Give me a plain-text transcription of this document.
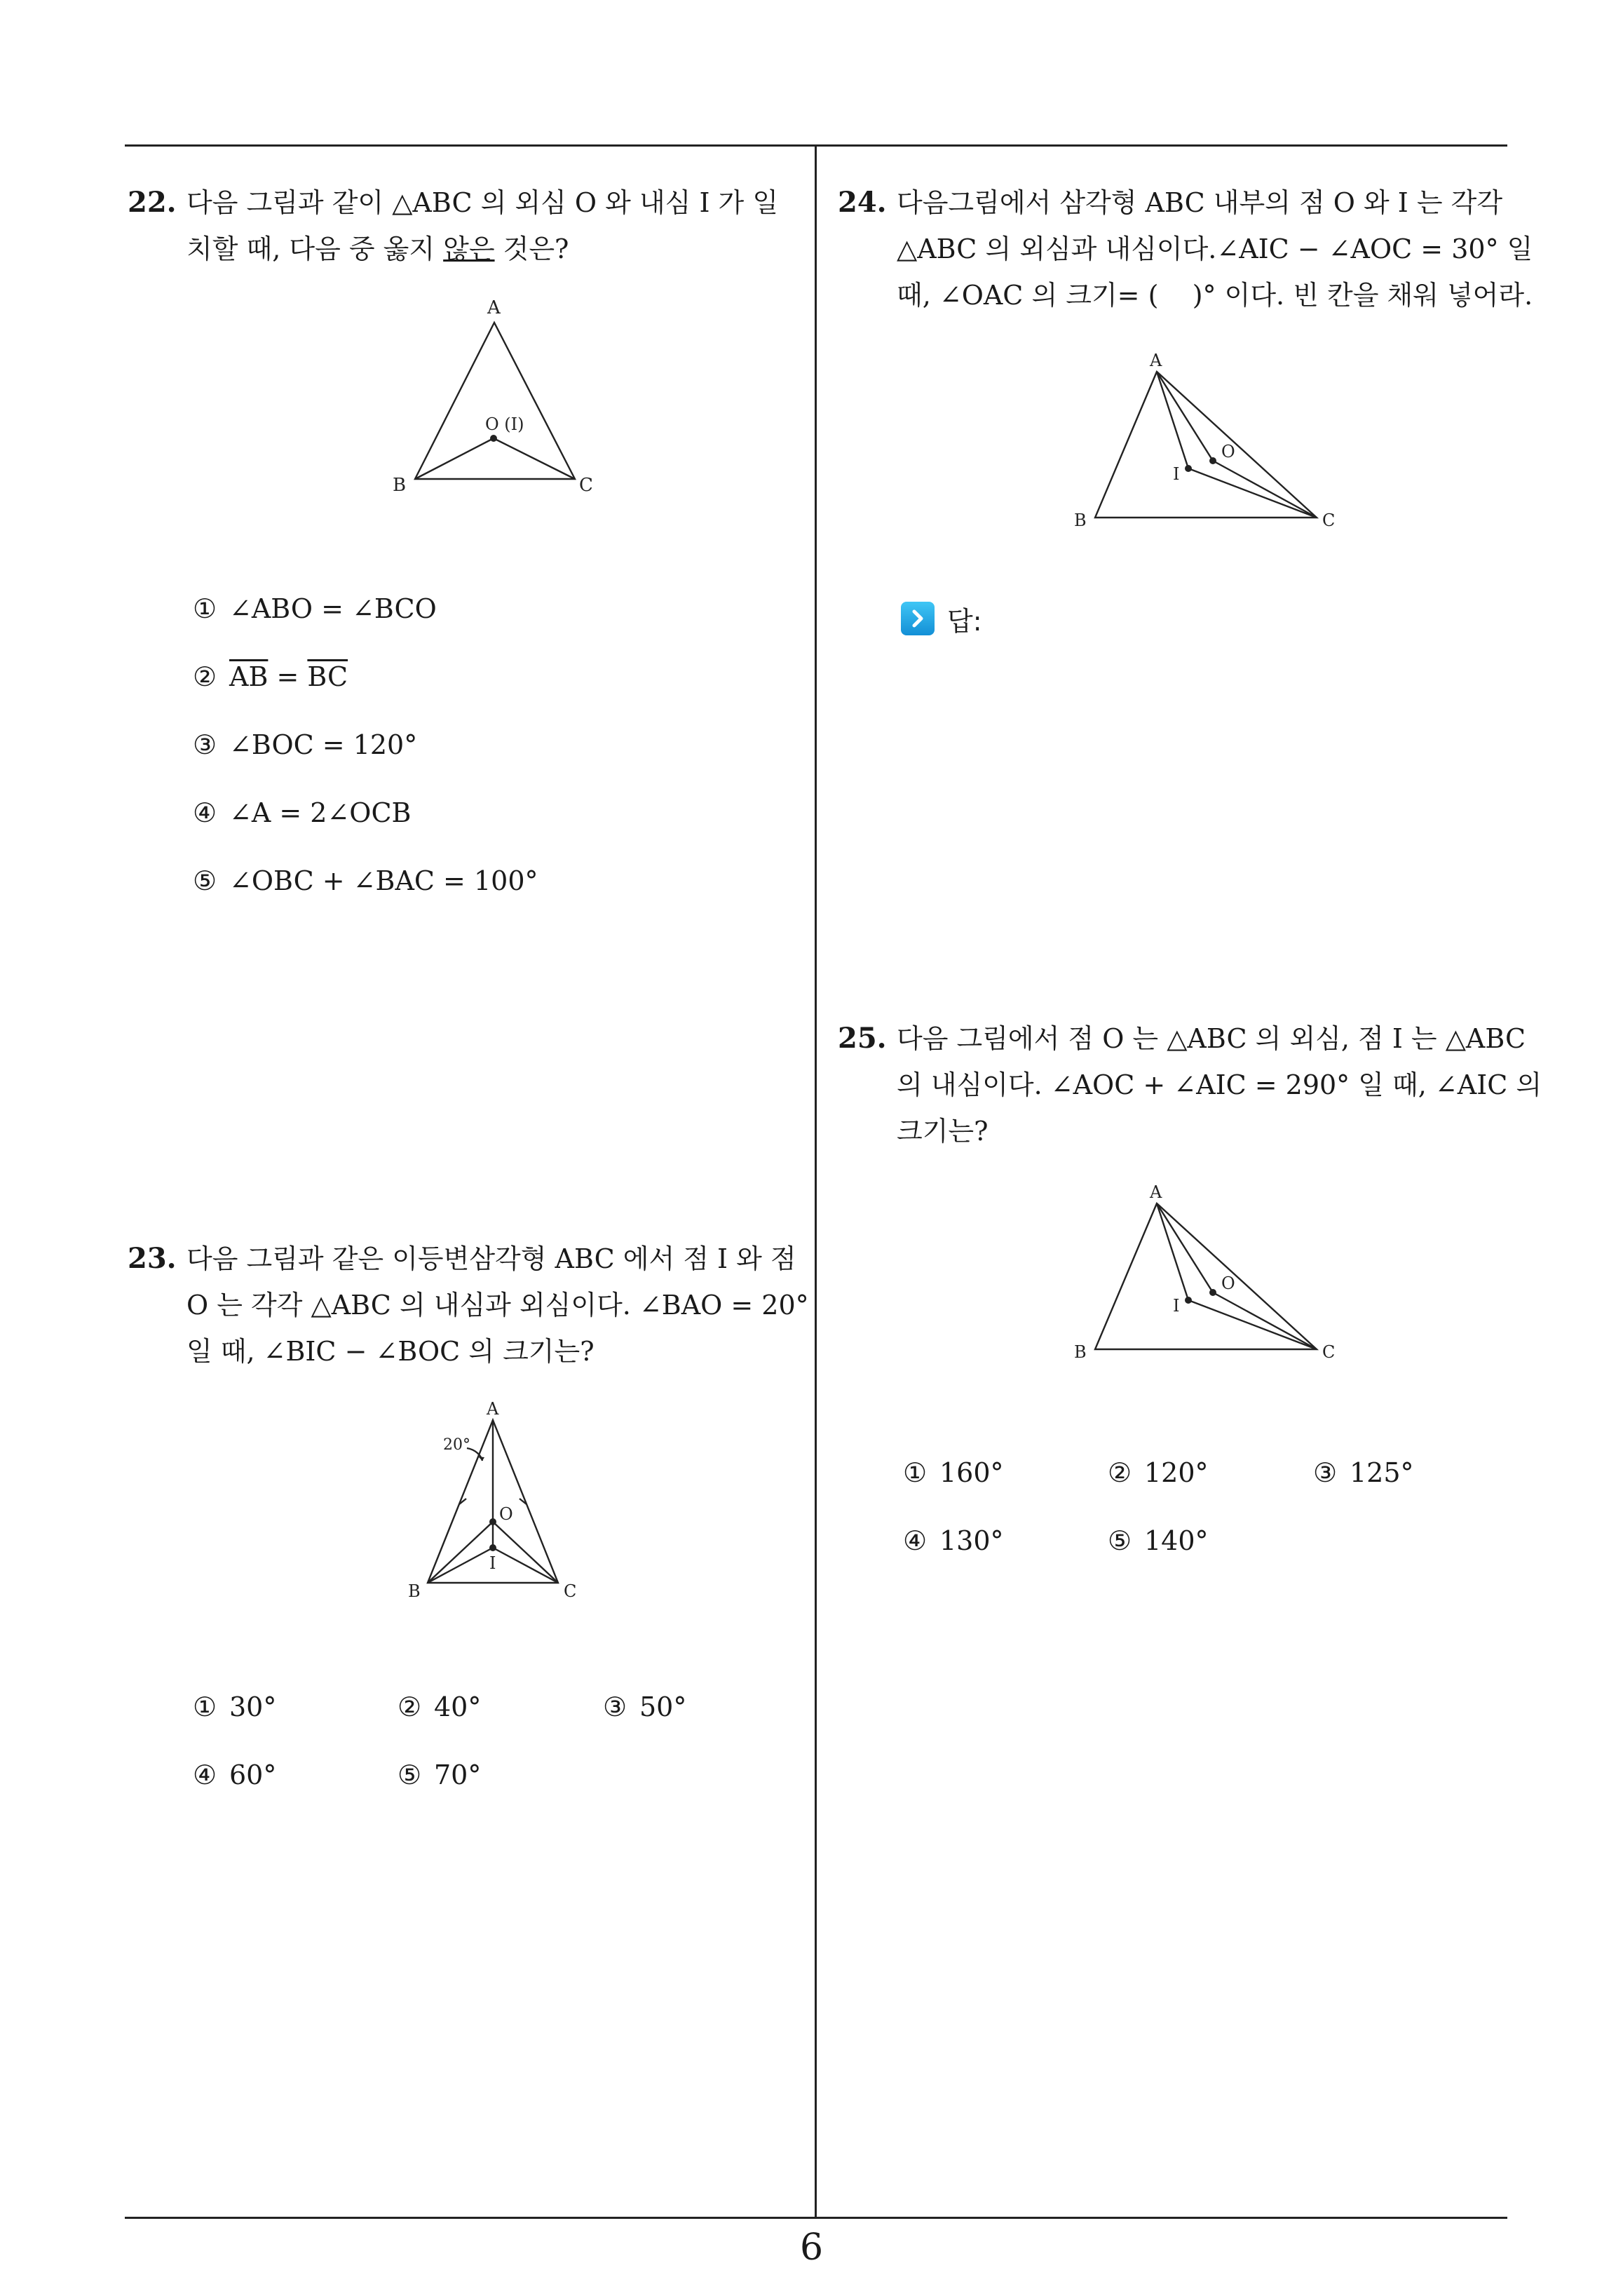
22. 다음 그림과 같이 △ABC 의 외심 O 와 내심 I 가 일
치할 때, 다음 중 옳지 않은 것은?
A
B	C
O (I)
① ∠ABO = ∠BCO
② $\overline{AB} = \overline{BC}$
③ ∠BOC = 120°
④ ∠A = 2∠OCB
⑤ ∠OBC + ∠BAC = 100°
23. 다음 그림과 같은 이등변삼각형 ABC 에서 점 I 와 점
O 는 각각 △ABC 의 내심과 외심이다. ∠BAO = 20°
일 때, ∠BIC − ∠BOC 의 크기는?
A
B	C
O
I
20°
① 30°	② 40°	③ 50°
④ 60°	⑤ 70°
24. 다음그림에서 삼각형 ABC 내부의 점 O 와 I 는 각각
△ABC 의 외심과 내심이다.∠AIC − ∠AOC = 30° 일
때, ∠OAC 의 크기= (    )° 이다. 빈 칸을 채워 넣어라.
A
B	C
O
I
답:
25. 다음 그림에서 점 O 는 △ABC 의 외심, 점 I 는 △ABC
의 내심이다. ∠AOC + ∠AIC = 290° 일 때, ∠AIC 의
크기는?
A
B	C
O
I
① 160°	② 120°	③ 125°
④ 130°	⑤ 140°
6
